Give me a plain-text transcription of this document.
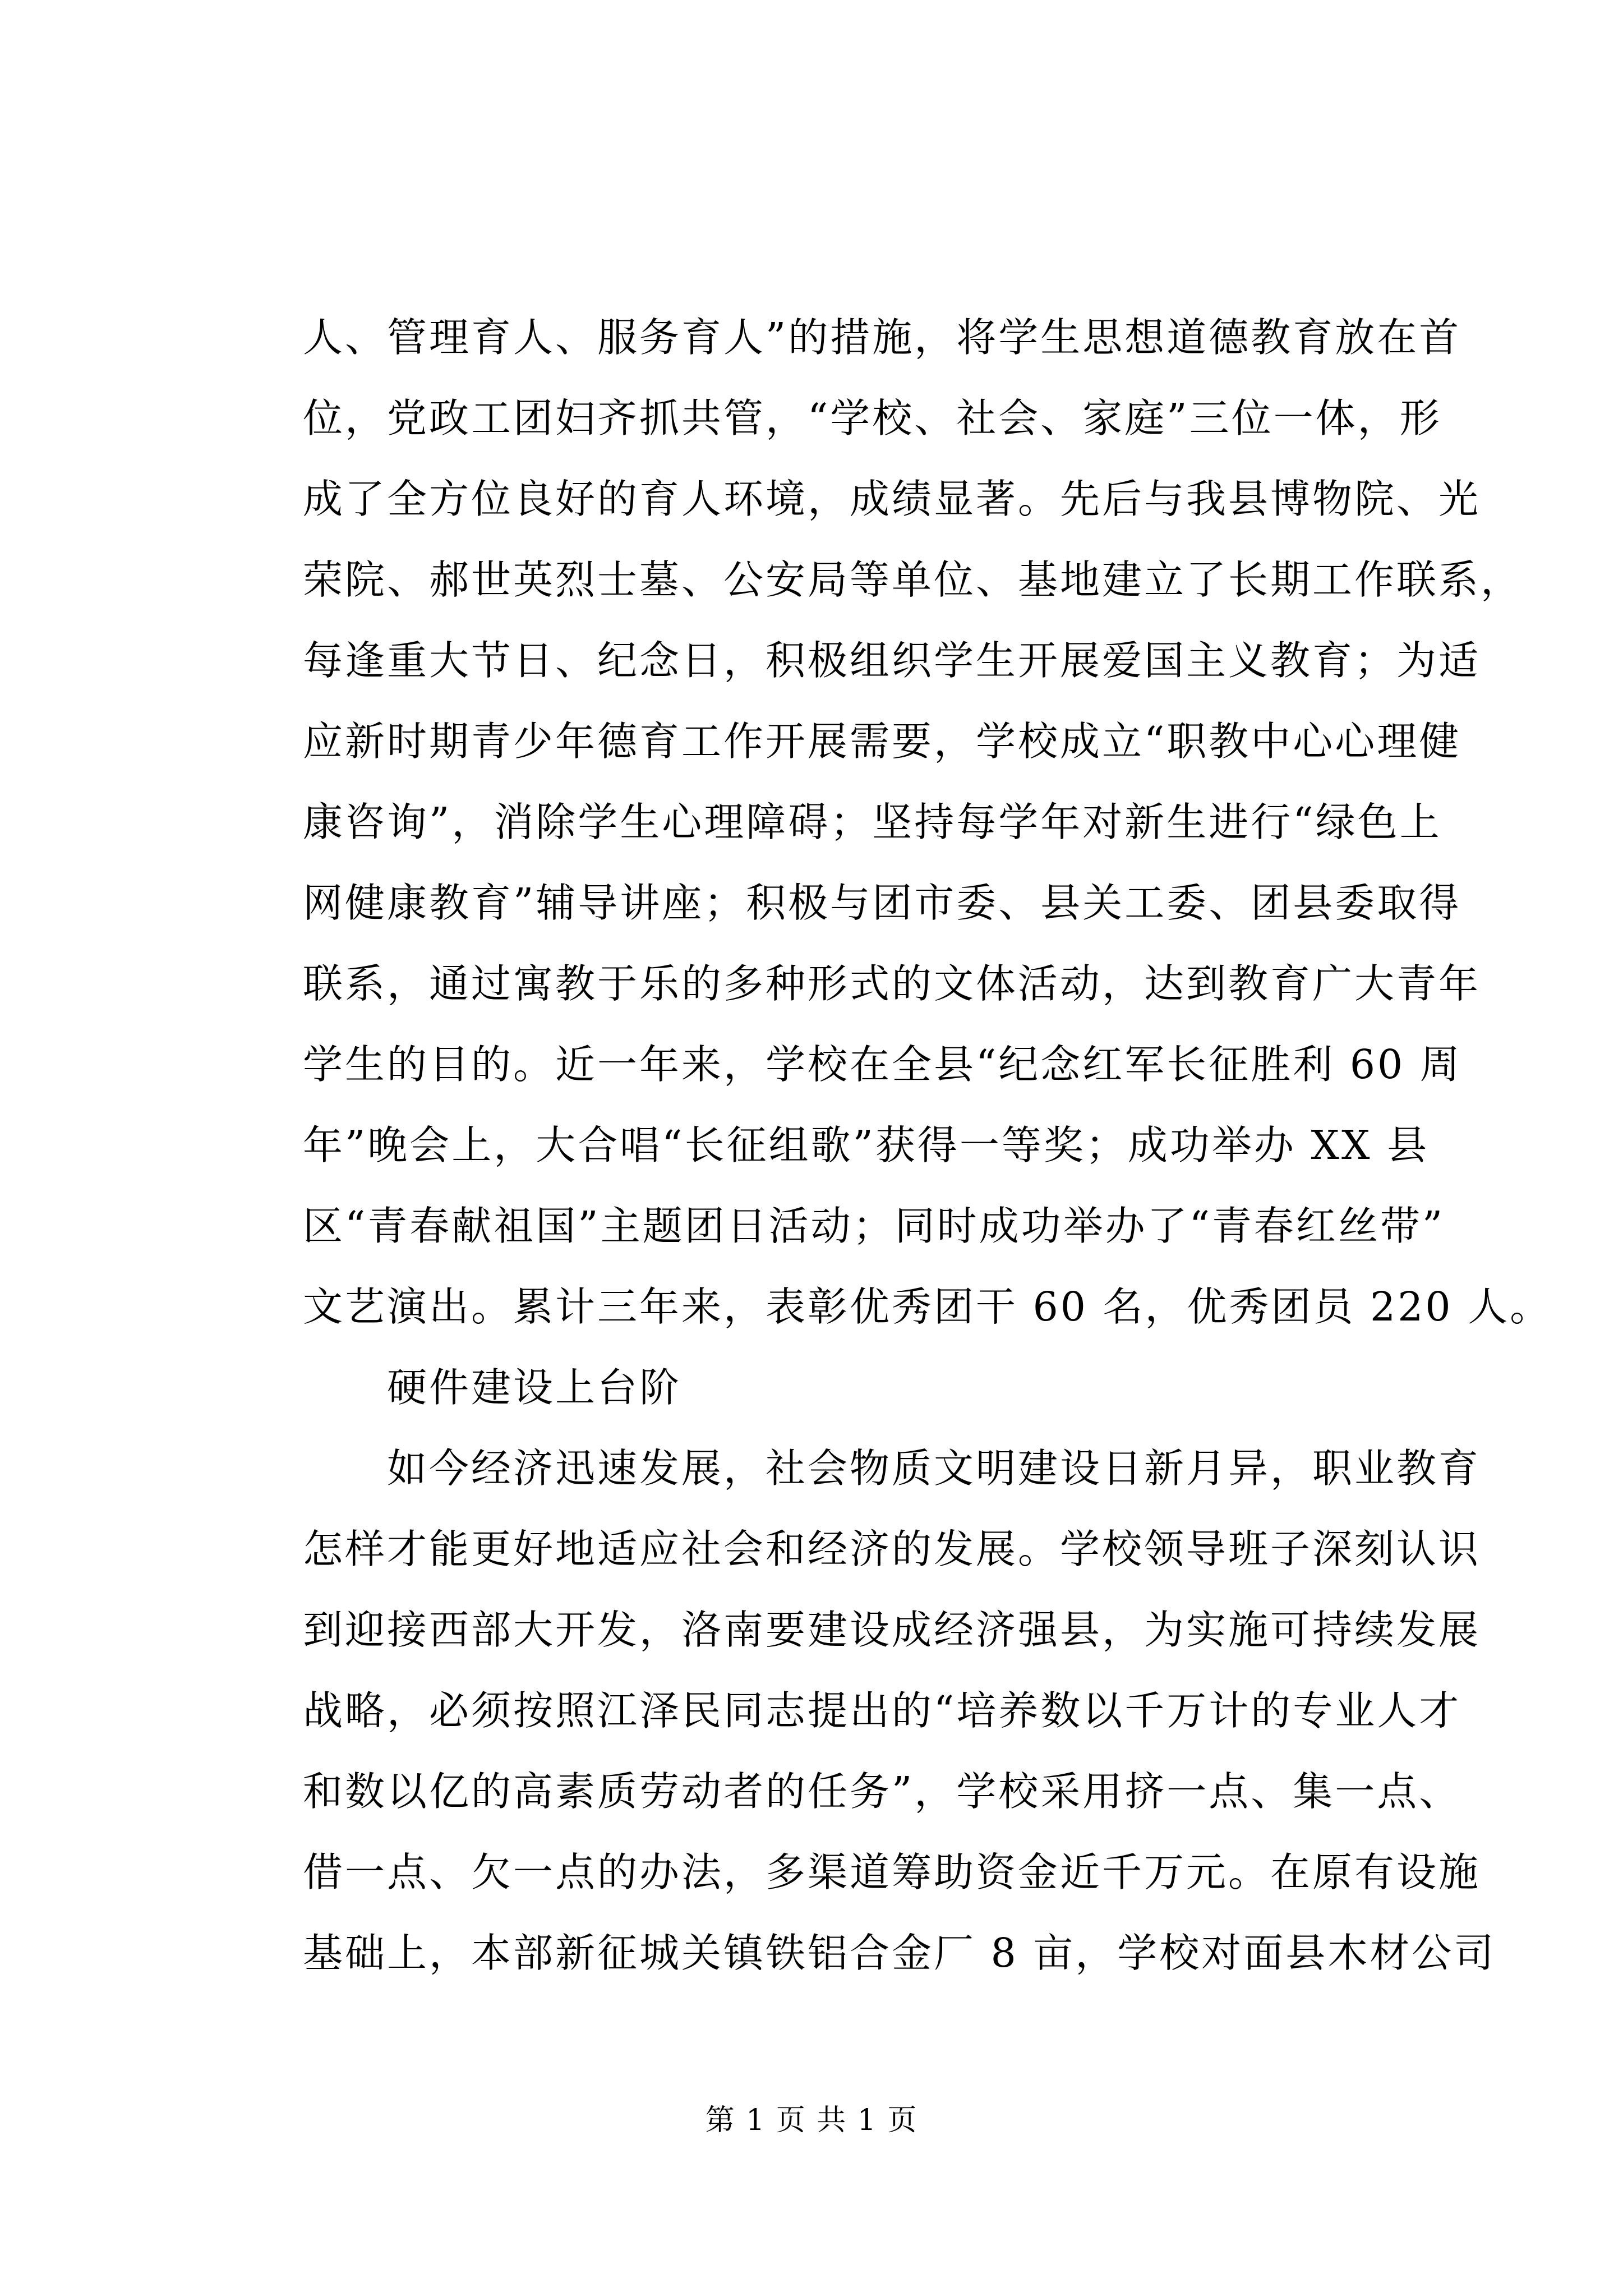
人、管理育人、服务育人”的措施，将学生思想道德教育放在首
位，党政工团妇齐抓共管，“学校、社会、家庭”三位一体，形
成了全方位良好的育人环境，成绩显著。先后与我县博物院、光
荣院、郝世英烈士墓、公安局等单位、基地建立了长期工作联系，
每逢重大节日、纪念日，积极组织学生开展爱国主义教育；为适
应新时期青少年德育工作开展需要，学校成立“职教中心心理健
康咨询”，消除学生心理障碍；坚持每学年对新生进行“绿色上
网健康教育”辅导讲座；积极与团市委、县关工委、团县委取得
联系，通过寓教于乐的多种形式的文体活动，达到教育广大青年
学生的目的。近一年来，学校在全县“纪念红军长征胜利 60 周
年”晚会上，大合唱“长征组歌”获得一等奖；成功举办 XX 县
区“青春献祖国”主题团日活动；同时成功举办了“青春红丝带”
文艺演出。累计三年来，表彰优秀团干 60 名，优秀团员 220 人。
硬件建设上台阶
如今经济迅速发展，社会物质文明建设日新月异，职业教育
怎样才能更好地适应社会和经济的发展。学校领导班子深刻认识
到迎接西部大开发，洛南要建设成经济强县，为实施可持续发展
战略，必须按照江泽民同志提出的“培养数以千万计的专业人才
和数以亿的高素质劳动者的任务”，学校采用挤一点、集一点、
借一点、欠一点的办法，多渠道筹助资金近千万元。在原有设施
基础上，本部新征城关镇铁铝合金厂 8 亩，学校对面县木材公司
第 1 页 共 1 页
